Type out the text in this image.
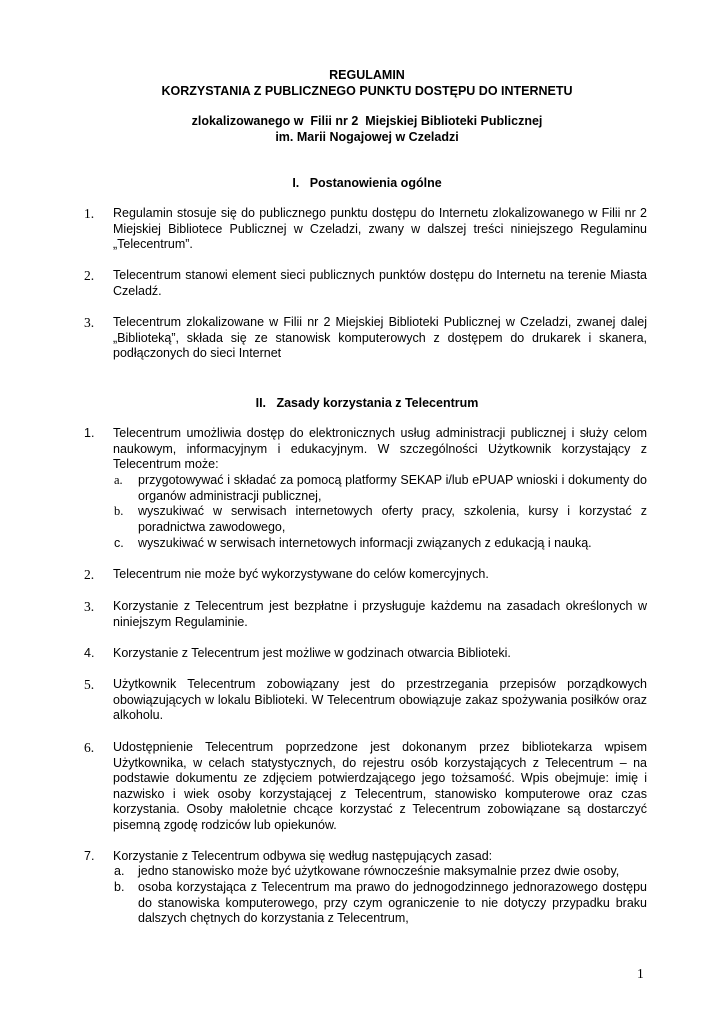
REGULAMIN
KORZYSTANIA Z PUBLICZNEGO PUNKTU DOSTĘPU DO INTERNETU
zlokalizowanego w  Filii nr 2  Miejskiej Biblioteki Publicznej
im. Marii Nogajowej w Czeladzi
I.   Postanowienia ogólne
1. Regulamin stosuje się do publicznego punktu dostępu do Internetu zlokalizowanego w Filii nr 2 Miejskiej Bibliotece Publicznej w Czeladzi, zwany w dalszej treści niniejszego Regulaminu „Telecentrum”.
2. Telecentrum stanowi element sieci publicznych punktów dostępu do Internetu na terenie Miasta Czeladź.
3. Telecentrum zlokalizowane w Filii nr 2 Miejskiej Biblioteki Publicznej w Czeladzi, zwanej dalej „Biblioteką”, składa się ze stanowisk komputerowych z dostępem do drukarek i skanera, podłączonych do sieci Internet
II.   Zasady korzystania z Telecentrum
1. Telecentrum umożliwia dostęp do elektronicznych usług administracji publicznej i służy celom naukowym, informacyjnym i edukacyjnym. W szczególności Użytkownik korzystający z Telecentrum może:
a. przygotowywać i składać za pomocą platformy SEKAP i/lub ePUAP wnioski i dokumenty do organów administracji publicznej,
b. wyszukiwać w serwisach internetowych oferty pracy, szkolenia, kursy i korzystać z poradnictwa zawodowego,
c. wyszukiwać w serwisach internetowych informacji związanych z edukacją i nauką.
2. Telecentrum nie może być wykorzystywane do celów komercyjnych.
3. Korzystanie z Telecentrum jest bezpłatne i przysługuje każdemu na zasadach określonych w niniejszym Regulaminie.
4. Korzystanie z Telecentrum jest możliwe w godzinach otwarcia Biblioteki.
5. Użytkownik Telecentrum zobowiązany jest do przestrzegania przepisów porządkowych obowiązujących w lokalu Biblioteki. W Telecentrum obowiązuje zakaz spożywania posiłków oraz alkoholu.
6. Udostępnienie Telecentrum poprzedzone jest dokonanym przez bibliotekarza wpisem Użytkownika, w celach statystycznych, do rejestru osób korzystających z Telecentrum – na podstawie dokumentu ze zdjęciem potwierdzającego jego tożsamość. Wpis obejmuje: imię i nazwisko i wiek osoby korzystającej z Telecentrum, stanowisko komputerowe oraz czas korzystania. Osoby małoletnie chcące korzystać z Telecentrum zobowiązane są dostarczyć pisemną zgodę rodziców lub opiekunów.
7. Korzystanie z Telecentrum odbywa się według następujących zasad:
a. jedno stanowisko może być użytkowane równocześnie maksymalnie przez dwie osoby,
b. osoba korzystająca z Telecentrum ma prawo do jednogodzinnego jednorazowego dostępu do stanowiska komputerowego, przy czym ograniczenie to nie dotyczy przypadku braku dalszych chętnych do korzystania z Telecentrum,
1
